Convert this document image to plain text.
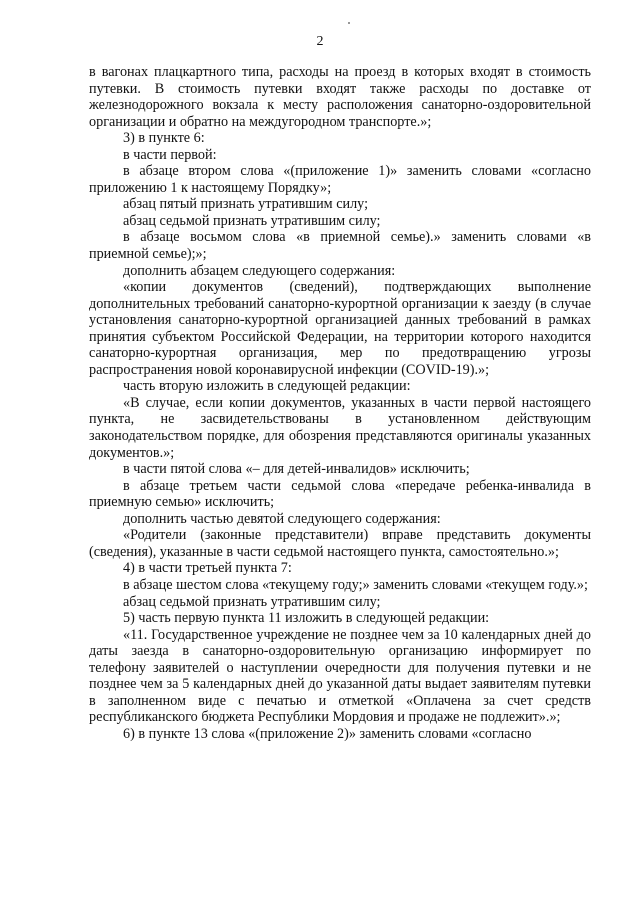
2

в вагонах плацкартного типа, расходы на проезд в которых входят в стоимость путевки. В стоимость путевки входят также расходы по доставке от железнодорожного вокзала к месту расположения санаторно-оздоровительной организации и обратно на междугородном транспорте.»;

3) в пункте 6:

в части первой:

в абзаце втором слова «(приложение 1)» заменить словами «согласно приложению 1 к настоящему Порядку»;

абзац пятый признать утратившим силу;

абзац седьмой признать утратившим силу;

в абзаце восьмом слова «в приемной семье).» заменить словами «в приемной семье);»;

дополнить абзацем следующего содержания:

«копии документов (сведений), подтверждающих выполнение дополнительных требований санаторно-курортной организации к заезду (в случае установления санаторно-курортной организацией данных требований в рамках принятия субъектом Российской Федерации, на территории которого находится санаторно-курортная организация, мер по предотвращению угрозы распространения новой коронавирусной инфекции (COVID-19).»;

часть вторую изложить в следующей редакции:

«В случае, если копии документов, указанных в части первой настоящего пункта, не засвидетельствованы в установленном действующим законодательством порядке, для обозрения представляются оригиналы указанных документов.»;

в части пятой слова «– для детей-инвалидов» исключить;

в абзаце третьем части седьмой слова «передаче ребенка-инвалида в приемную семью» исключить;

дополнить частью девятой следующего содержания:

«Родители (законные представители) вправе представить документы (сведения), указанные в части седьмой настоящего пункта, самостоятельно.»;

4) в части третьей пункта 7:

в абзаце шестом слова «текущему году;» заменить словами «текущем году.»;

абзац седьмой признать утратившим силу;

5) часть первую пункта 11 изложить в следующей редакции:

«11. Государственное учреждение не позднее чем за 10 календарных дней до даты заезда в санаторно-оздоровительную организацию информирует по телефону заявителей о наступлении очередности для получения путевки и не позднее чем за 5 календарных дней до указанной даты выдает заявителям путевки в заполненном виде с печатью и отметкой «Оплачена за счет средств республиканского бюджета Республики Мордовия и продаже не подлежит».»;

6) в пункте 13 слова «(приложение 2)» заменить словами «согласно
